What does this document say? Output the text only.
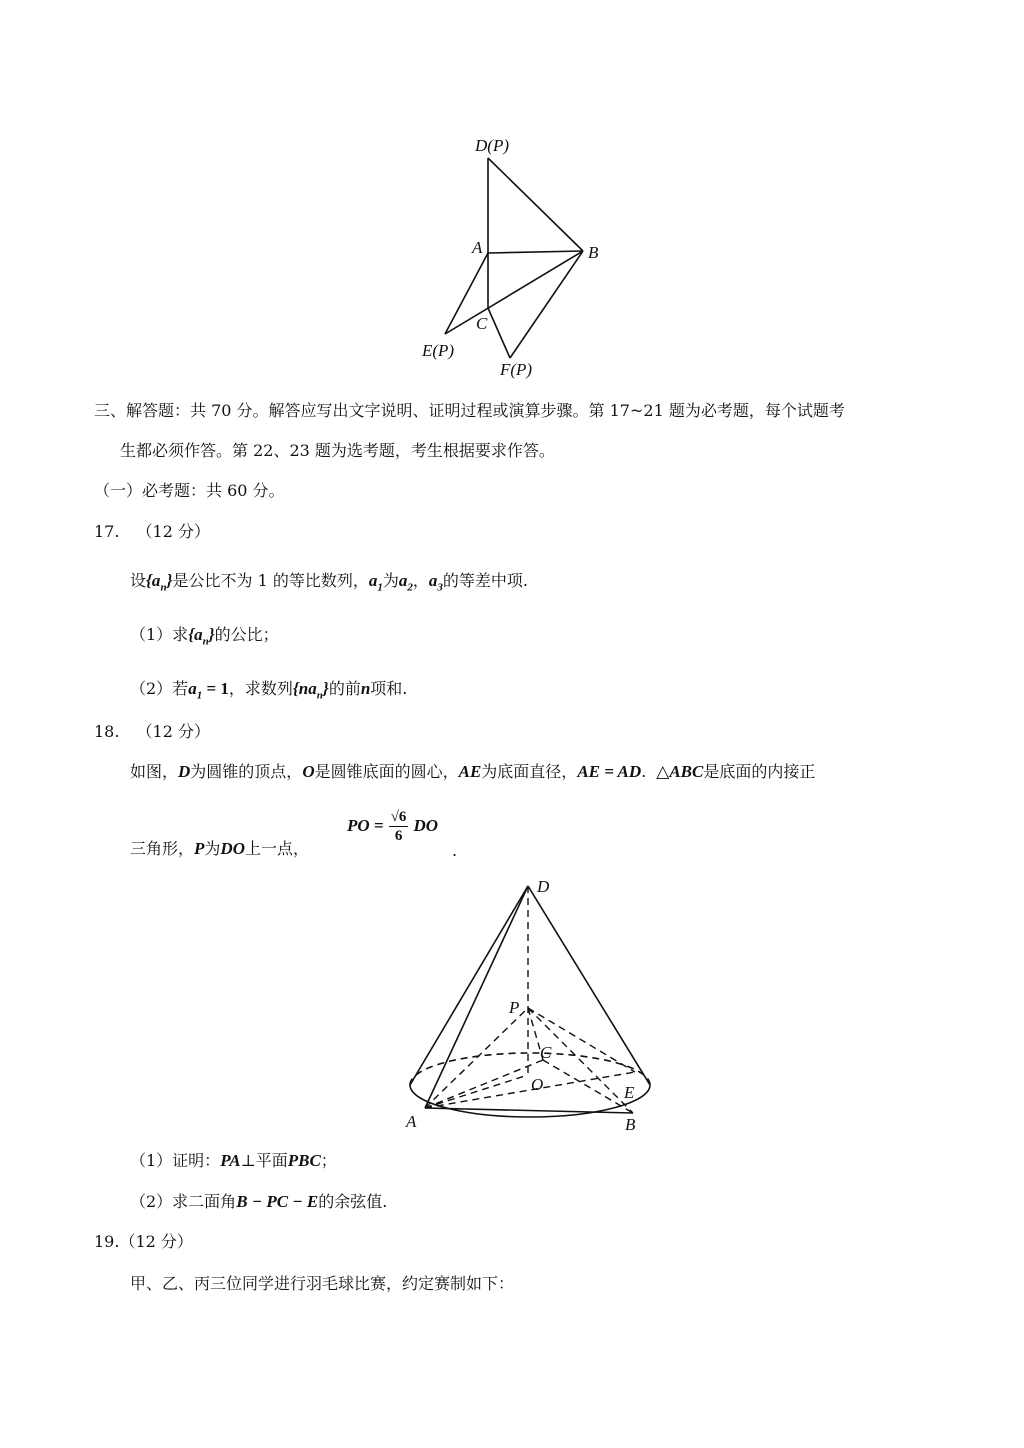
D(P)
A	B
C
E(P)
F(P)
三、解答题：共 70 分。解答应写出文字说明、证明过程或演算步骤。第 17~21 题为必考题，每个试题考
生都必须作答。第 22、23 题为选考题，考生根据要求作答。
（一）必考题：共 60 分。
17. （12 分）
设$\{a_n\}$是公比不为 1 的等比数列，$a_1$为$a_2$，$a_3$的等差中项.
（1）求$\{a_n\}$的公比；
（2）若$a_1 = 1$，求数列$\{na_n\}$的前n项和.
18. （12 分）
如图，D为圆锥的顶点，O是圆锥底面的圆心，AE为底面直径，AE = AD. △ABC是底面的内接正
三角形，P为DO上一点，
PO = $\frac{√6}{6}$ DO
.
D
P
C
O	E
A	B
（1）证明：PA⊥平面PBC；
（2）求二面角B − PC − E的余弦值.
19.（12 分）
甲、乙、丙三位同学进行羽毛球比赛，约定赛制如下：
